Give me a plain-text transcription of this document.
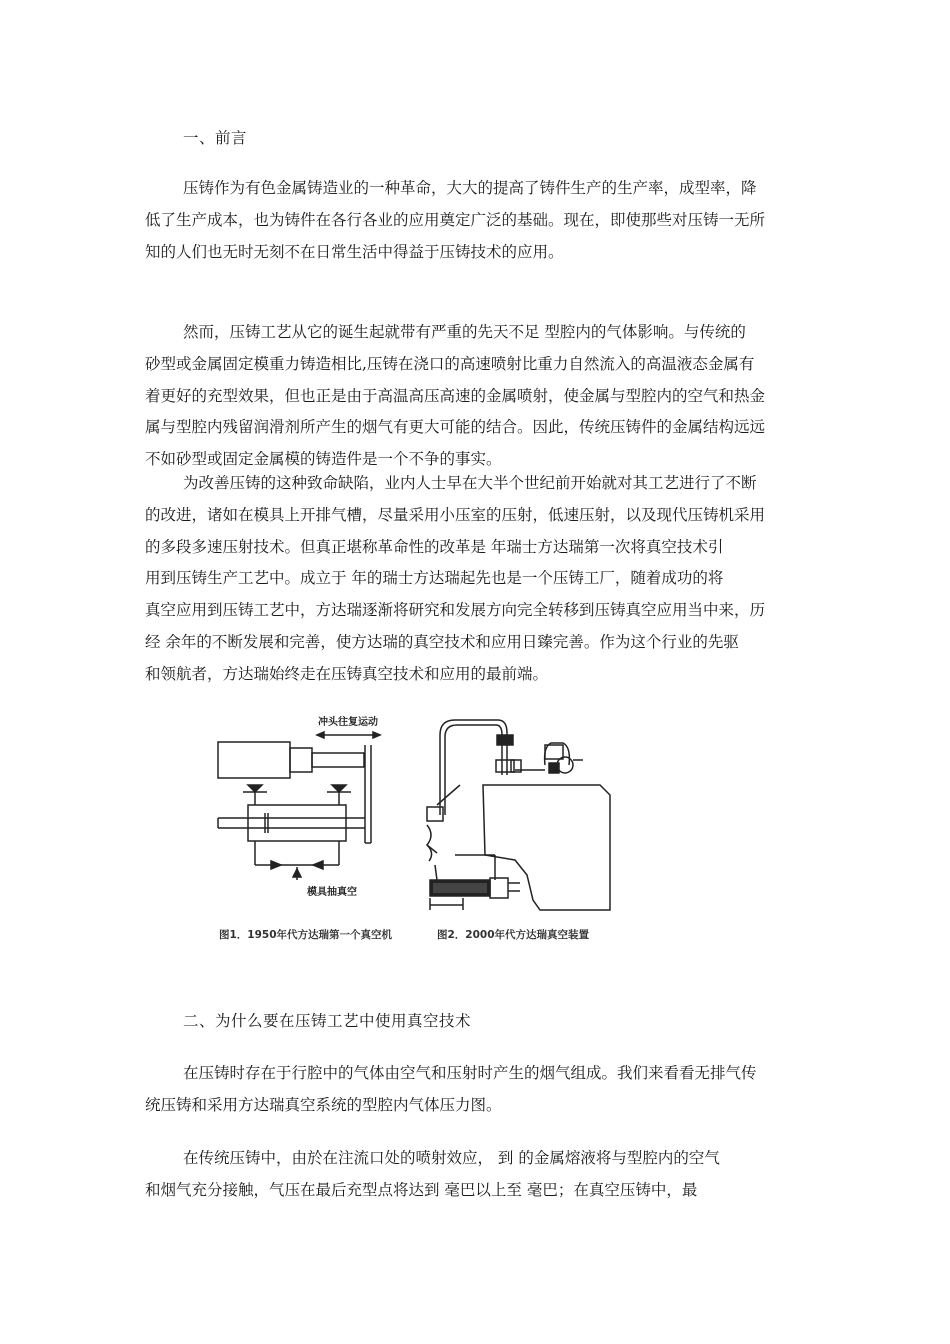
一、前言
压铸作为有色金属铸造业的一种革命，大大的提高了铸件生产的生产率，成型率，降
低了生产成本，也为铸件在各行各业的应用奠定广泛的基础。现在，即使那些对压铸一无所
知的人们也无时无刻不在日常生活中得益于压铸技术的应用。
然而，压铸工艺从它的诞生起就带有严重的先天不足 型腔内的气体影响。与传统的
砂型或金属固定模重力铸造相比,压铸在浇口的高速喷射比重力自然流入的高温液态金属有
着更好的充型效果，但也正是由于高温高压高速的金属喷射，使金属与型腔内的空气和热金
属与型腔内残留润滑剂所产生的烟气有更大可能的结合。因此，传统压铸件的金属结构远远
不如砂型或固定金属模的铸造件是一个不争的事实。
为改善压铸的这种致命缺陷，业内人士早在大半个世纪前开始就对其工艺进行了不断
的改进，诸如在模具上开排气槽，尽量采用小压室的压射，低速压射，以及现代压铸机采用
的多段多速压射技术。但真正堪称革命性的改革是 年瑞士方达瑞第一次将真空技术引
用到压铸生产工艺中。成立于 年的瑞士方达瑞起先也是一个压铸工厂，随着成功的将
真空应用到压铸工艺中，方达瑞逐渐将研究和发展方向完全转移到压铸真空应用当中来，历
经 余年的不断发展和完善，使方达瑞的真空技术和应用日臻完善。作为这个行业的先驱
和领航者，方达瑞始终走在压铸真空技术和应用的最前端。
冲头往复运动
模具抽真空
图1．1950年代方达瑞第一个真空机	图2．2000年代方达瑞真空装置
二、为什么要在压铸工艺中使用真空技术
在压铸时存在于行腔中的气体由空气和压射时产生的烟气组成。我们来看看无排气传
统压铸和采用方达瑞真空系统的型腔内气体压力图。
在传统压铸中，由於在注流口处的喷射效应， 到 的金属熔液将与型腔内的空气
和烟气充分接触，气压在最后充型点将达到 毫巴以上至 毫巴；在真空压铸中，最
